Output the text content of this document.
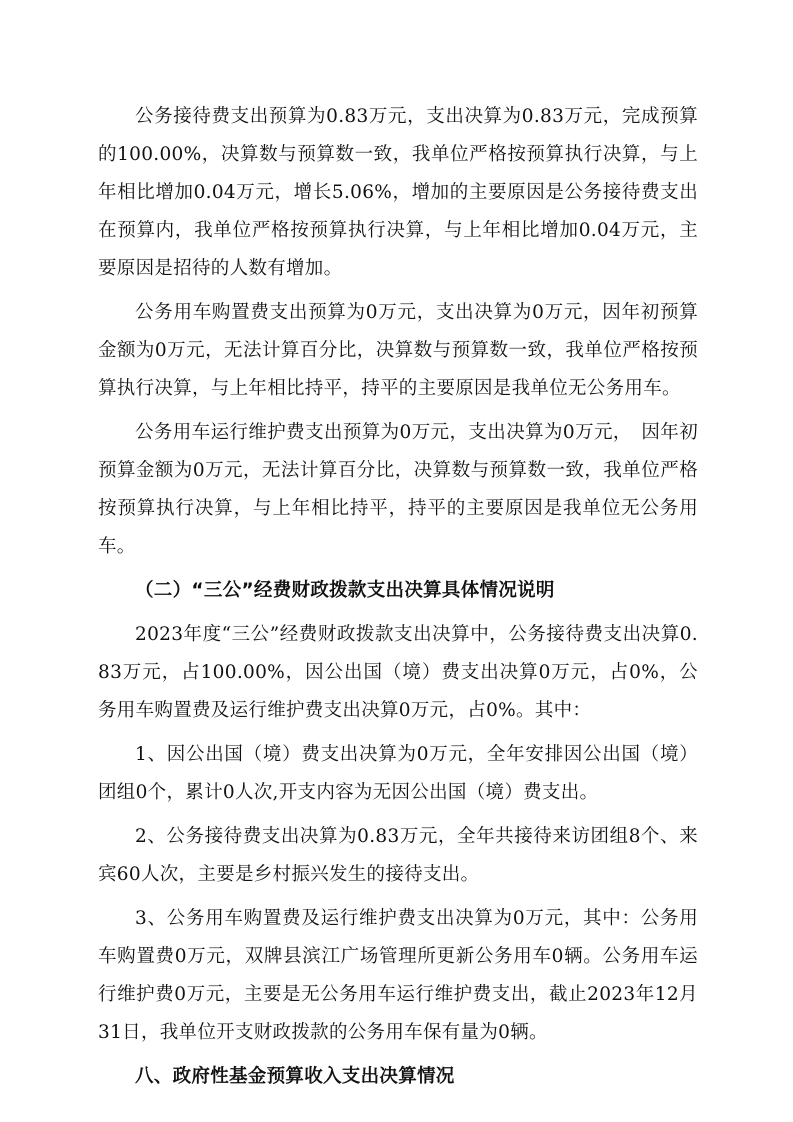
公务接待费支出预算为0.83万元，支出决算为0.83万元，完成预算的100.00%，决算数与预算数一致，我单位严格按预算执行决算，与上年相比增加0.04万元，增长5.06%，增加的主要原因是公务接待费支出在预算内，我单位严格按预算执行决算，与上年相比增加0.04万元，主要原因是招待的人数有增加。

公务用车购置费支出预算为0万元，支出决算为0万元，因年初预算金额为0万元，无法计算百分比，决算数与预算数一致，我单位严格按预算执行决算，与上年相比持平，持平的主要原因是我单位无公务用车。

公务用车运行维护费支出预算为0万元，支出决算为0万元，　因年初预算金额为0万元，无法计算百分比，决算数与预算数一致，我单位严格按预算执行决算，与上年相比持平，持平的主要原因是我单位无公务用车。

（二）“三公”经费财政拨款支出决算具体情况说明

2023年度“三公”经费财政拨款支出决算中，公务接待费支出决算0.83万元，占100.00%，因公出国（境）费支出决算0万元，占0%，公务用车购置费及运行维护费支出决算0万元，占0%。其中：

1、因公出国（境）费支出决算为0万元，全年安排因公出国（境）团组0个，累计0人次,开支内容为无因公出国（境）费支出。

2、公务接待费支出决算为0.83万元，全年共接待来访团组8个、来宾60人次，主要是乡村振兴发生的接待支出。

3、公务用车购置费及运行维护费支出决算为0万元，其中：公务用车购置费0万元，双牌县滨江广场管理所更新公务用车0辆。公务用车运行维护费0万元，主要是无公务用车运行维护费支出，截止2023年12月31日，我单位开支财政拨款的公务用车保有量为0辆。

八、政府性基金预算收入支出决算情况
